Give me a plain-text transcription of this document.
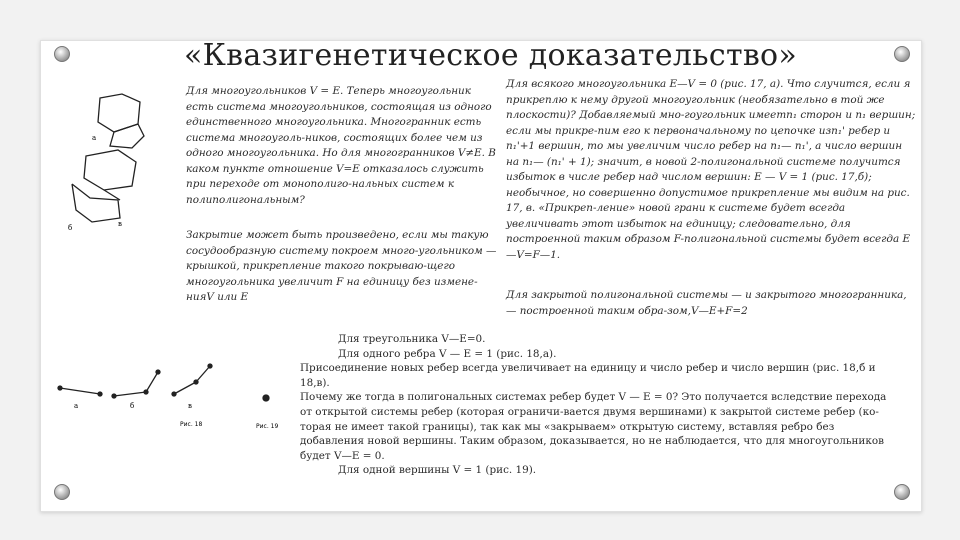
«Квазигенетическое доказательство»
а
б	в
а	б	в
Рис. 18	Рис. 19
Для многоугольников V = E. Теперь многоугольник есть система многоугольников, состоящая из одного единственного многоугольника. Многогранник есть система многоуголь-ников, состоящих более чем из одного многоугольника. Но для многогранников V≠E. В каком пункте отношение V=E отказалось служить при переходе от монополиго-нальных систем к полиполигональным?
Закрытие может быть произведено, если мы такую сосудообразную систему покроем много-угольником — крышкой, прикрепление такого покрываю-щего многоугольника увеличит F на единицу без измене-нияV или E
Для всякого многоугольника E—V = 0 (рис. 17, а). Что случится, если я прикреплю к нему другой многоугольник (необязательно в той же плоскости)? Добавляемый мно-гоугольник имеетn₁ сторон и n₁ вершин; если мы прикре-пим его к первоначальному по цепочке изn₁' ребер и n₁'+1 вершин, то мы увеличим число ребер на n₁— n₁', а число вершин на n₁— (n₁' + 1); значит, в новой 2-полигональной системе получится избыток в числе ребер над числом вершин: E — V = 1 (рис. 17,б); необычное, но совершенно допустимое прикрепление мы видим на рис. 17, в. «Прикреп-ление» новой грани к системе будет всегда увеличивать этот избыток на единицу; следовательно, для построенной таким образом F-полигональной системы будет всегда E —V=F—1.
Для закрытой полигональной системы — и закрытого многогранника, — построенной таким обра-зом,V—E+F=2
Для треугольника V—E=0.
Для одного ребра V — E = 1 (рис. 18,а).
Присоединение новых ребер всегда увеличивает на единицу и число ребер и число вершин (рис. 18,б и 18,в).
Почему же тогда в полигональных системах ребер будет V — E = 0? Это получается вследствие перехода от открытой системы ребер (которая ограничи-вается двумя вершинами) к закрытой системе ребер (ко-торая не имеет такой границы), так как мы «закрываем» открытую систему, вставляя ребро без добавления новой вершины. Таким образом, доказывается, но не наблюдается, что для многоугольников будет V—E = 0.
Для одной вершины V = 1 (рис. 19).
